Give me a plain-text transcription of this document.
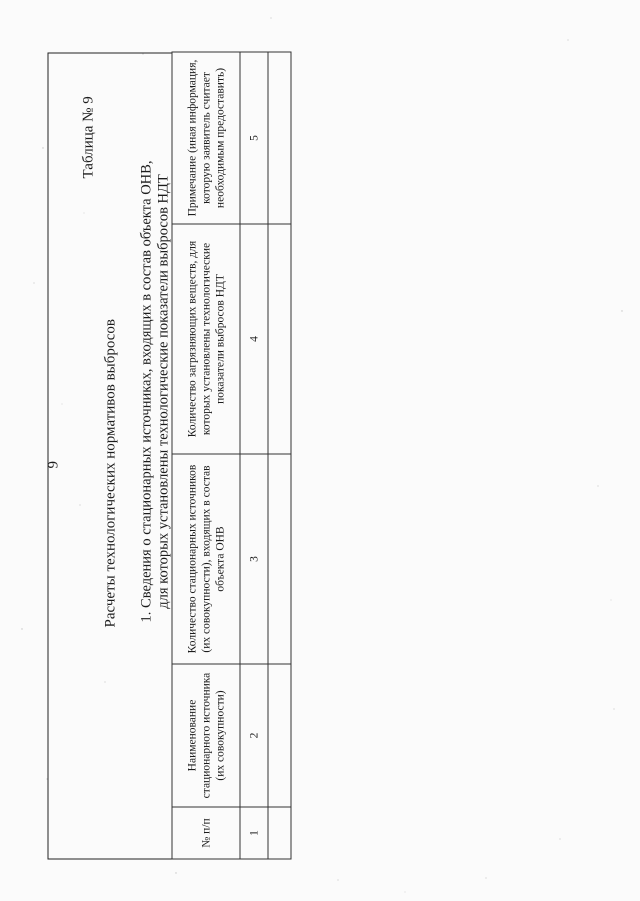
9
Таблица № 9
Расчеты технологических нормативов выбросов 1. Сведения о стационарных источниках, входящих в состав объекта ОНВ, для которых установлены технологические показатели выбросов НДТ
№ п/п	Наименование стационарного источника (их совокупности)	Количество стационарных источников (их совокупности), входящих в состав объекта ОНВ	Количество загрязняющих веществ, для которых установлены технологические показатели выбросов НДТ	Примечание (иная информация, которую заявитель считает необходимым предоставить)
1	2	3	4	5
